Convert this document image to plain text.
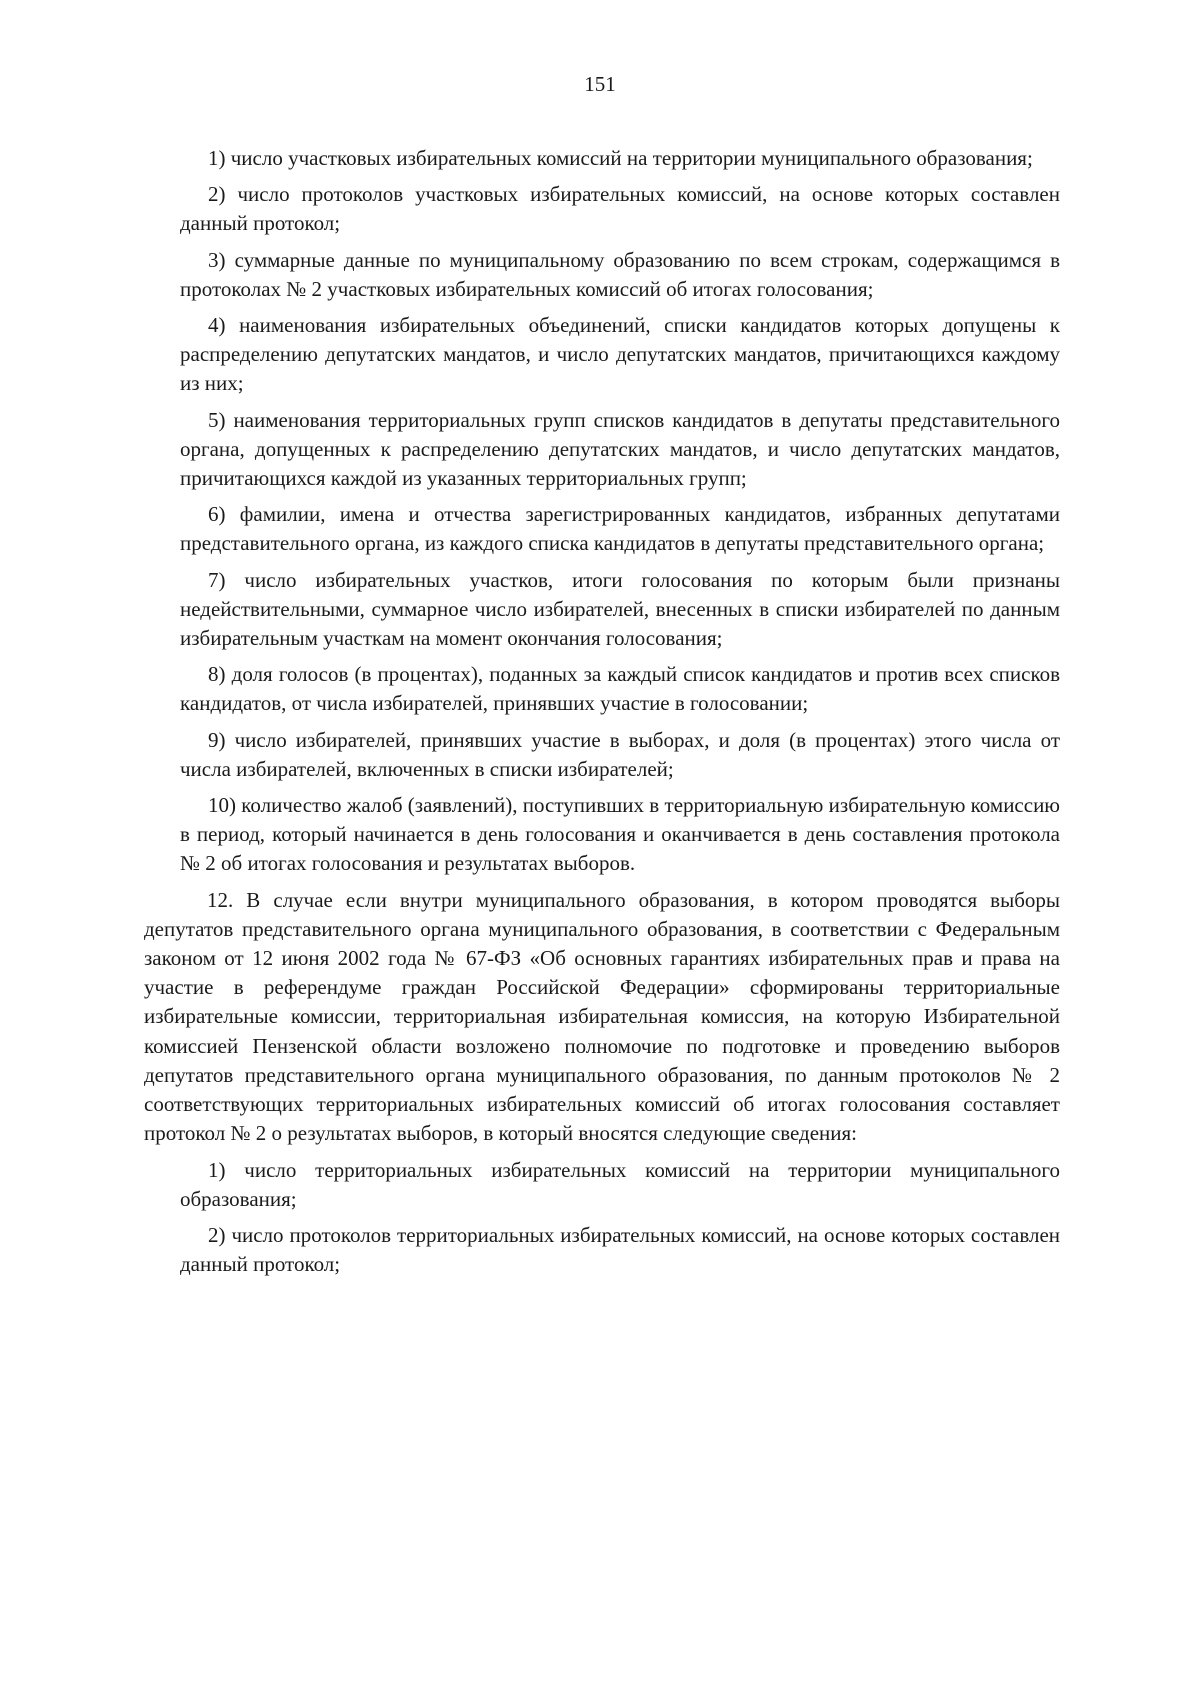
151

1) число участковых избирательных комиссий на территории муниципального образования;

2) число протоколов участковых избирательных комиссий, на основе которых составлен данный протокол;

3) суммарные данные по муниципальному образованию по всем строкам, содержащимся в протоколах № 2 участковых избирательных комиссий об итогах голосования;

4) наименования избирательных объединений, списки кандидатов которых допущены к распределению депутатских мандатов, и число депутатских мандатов, причитающихся каждому из них;

5) наименования территориальных групп списков кандидатов в депутаты представительного органа, допущенных к распределению депутатских мандатов, и число депутатских мандатов, причитающихся каждой из указанных территориальных групп;

6) фамилии, имена и отчества зарегистрированных кандидатов, избранных депутатами представительного органа, из каждого списка кандидатов в депутаты представительного органа;

7) число избирательных участков, итоги голосования по которым были признаны недействительными, суммарное число избирателей, внесенных в списки избирателей по данным избирательным участкам на момент окончания голосования;

8) доля голосов (в процентах), поданных за каждый список кандидатов и против всех списков кандидатов, от числа избирателей, принявших участие в голосовании;

9) число избирателей, принявших участие в выборах, и доля (в процентах) этого числа от числа избирателей, включенных в списки избирателей;

10) количество жалоб (заявлений), поступивших в территориальную избирательную комиссию в период, который начинается в день голосования и оканчивается в день составления протокола № 2 об итогах голосования и результатах выборов.

12. В случае если внутри муниципального образования, в котором проводятся выборы депутатов представительного органа муниципального образования, в соответствии с Федеральным законом от 12 июня 2002 года № 67-ФЗ «Об основных гарантиях избирательных прав и права на участие в референдуме граждан Российской Федерации» сформированы территориальные избирательные комиссии, территориальная избирательная комиссия, на которую Избирательной комиссией Пензенской области возложено полномочие по подготовке и проведению выборов депутатов представительного органа муниципального образования, по данным протоколов № 2 соответствующих территориальных избирательных комиссий об итогах голосования составляет протокол № 2 о результатах выборов, в который вносятся следующие сведения:

1) число территориальных избирательных комиссий на территории муниципального образования;

2) число протоколов территориальных избирательных комиссий, на основе которых составлен данный протокол;
